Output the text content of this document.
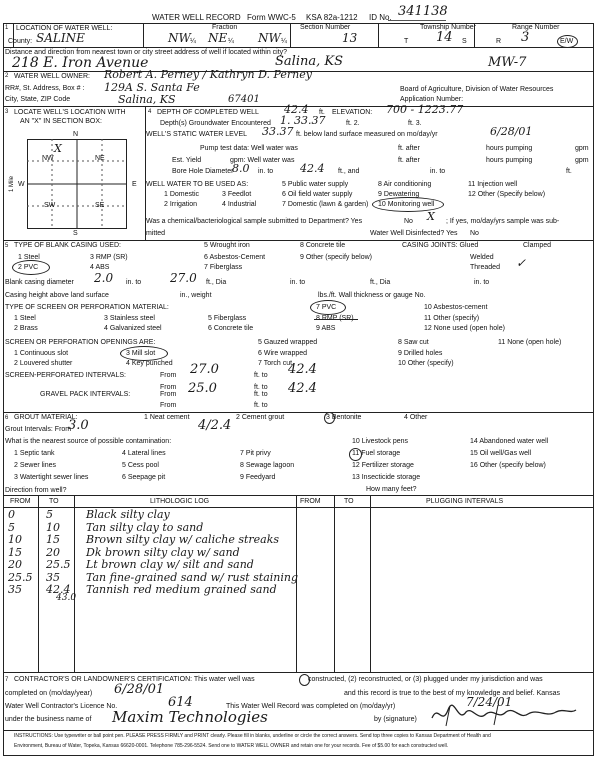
WATER WELL RECORD Form WWC-5 KSA 82a-1212 ID No. 341138
1 LOCATION OF WATER WELL:
County: SALINE
Fraction
NW ¼ NE ¼ NW ¼
Section Number
13
Township Number
T 14 S
Range Number
R 3	E/W
Distance and direction from nearest town or city street address of well if located within city?
218 E. Iron Avenue	Salina, KS	MW-7
2 WATER WELL OWNER: Robert A. Perney / Kathryn D. Perney
RR#, St. Address, Box # : 129A S. Santa Fe
City, State, ZIP Code	Salina, KS	67401
Board of Agriculture, Division of Water Resources
Application Number:
3 LOCATE WELL'S LOCATION WITH
AN "X" IN SECTION BOX:
N
S
W	E
1 Mile
NW	NE
SW	SE
X
4 DEPTH OF COMPLETED WELL 42.4 ft. ELEVATION: 700 - 1223.77
Depth(s) Groundwater Encountered 1. 33.37	ft. 2.	ft. 3.
WELL'S STATIC WATER LEVEL 33.37 ft. below land surface measured on mo/day/yr	6/28/01
Pump test data: Well water was	ft. after	hours pumping	gpm
Est. Yield	gpm: Well water was	ft. after	hours pumping	gpm
Bore Hole Diameter
8.0 in. to 42.4 ft., and	in. to	ft.
WELL WATER TO BE USED AS:
1 Domestic
2 Irrigation
3 Feedlot
4 Industrial
5 Public water supply
6 Oil field water supply
7 Domestic (lawn & garden)
8 Air conditioning
9 Dewatering
10 Monitoring well
11 Injection well
12 Other (Specify below)
Was a chemical/bacteriological sample submitted to Department? Yes	No X ; If yes, mo/day/yrs sample was sub-
mitted	Water Well Disinfected? Yes No
5 TYPE OF BLANK CASING USED:
1 Steel
2 PVC
3 RMP (SR)
4 ABS
5 Wrought iron
6 Asbestos-Cement
7 Fiberglass
8 Concrete tile
9 Other (specify below)
CASING JOINTS: Glued	Clamped
Welded
Threaded ✓
Blank casing diameter 2.0 in. to 27.0 ft., Dia	in. to	ft., Dia	in. to
Casing height above land surface	in., weight	lbs./ft. Wall thickness or gauge No.
TYPE OF SCREEN OR PERFORATION MATERIAL:
1 Steel
2 Brass
3 Stainless steel
4 Galvanized steel
5 Fiberglass
6 Concrete tile
7 PVC
8 RMP (SR)
9 ABS
10 Asbestos-cement
11 Other (specify)
12 None used (open hole)
SCREEN OR PERFORATION OPENINGS ARE:
1 Continuous slot
2 Louvered shutter
3 Mill slot
4 Key punched
5 Gauzed wrapped
6 Wire wrapped
7 Torch cut
8 Saw cut
9 Drilled holes
10 Other (specify)
11 None (open hole)
SCREEN-PERFORATED INTERVALS:	From 27.0	ft. to 42.4
From	ft. to
GRAVEL PACK INTERVALS:	From 25.0	ft. to 42.4
From	ft. to
6 GROUT MATERIAL:	1 Neat cement	2 Cement grout	3 Bentonite	4 Other
Grout Intervals: From
3.0	4/2.4
What is the nearest source of possible contamination:
1 Septic tank
2 Sewer lines
3 Watertight sewer lines
4 Lateral lines
5 Cess pool
6 Seepage pit
7 Pit privy
8 Sewage lagoon
9 Feedyard
10 Livestock pens
11 Fuel storage
12 Fertilizer storage
13 Insecticide storage
14 Abandoned water well
15 Oil well/Gas well
16 Other (specify below)
Direction from well?	How many feet?
FROM	TO	LITHOLOGIC LOG	FROM	TO	PLUGGING INTERVALS
0	5	Black silty clay
5	10 Tan silty clay to sand
10 15 Brown silty clay w/ caliche streaks
15 20 Dk brown silty clay w/ sand
20 25.5 Lt brown clay w/ silt and sand
25.5 35 Tan fine-grained sand w/ rust staining
35 42.4 Tannish red medium grained sand
43.0
7 CONTRACTOR'S OR LANDOWNER'S CERTIFICATION: This water well was	constructed, (2) reconstructed, or (3) plugged under my jurisdiction and was
completed on (mo/day/year) 6/28/01	and this record is true to the best of my knowledge and belief. Kansas
Water Well Contractor's Licence No.	614	This Water Well Record was completed on (mo/day/yr)	7/24/01
under the business name of Maxim Technologies	by (signature)
INSTRUCTIONS: Use typewriter or ball point pen. PLEASE PRESS FIRMLY and PRINT clearly. Please fill in blanks, underline or circle the correct answers. Send top three copies to Kansas Department of Health and
Environment, Bureau of Water, Topeka, Kansas 66620-0001. Telephone 785-296-5524. Send one to WATER WELL OWNER and retain one for your records. Fee of $5.00 for each constructed well.
